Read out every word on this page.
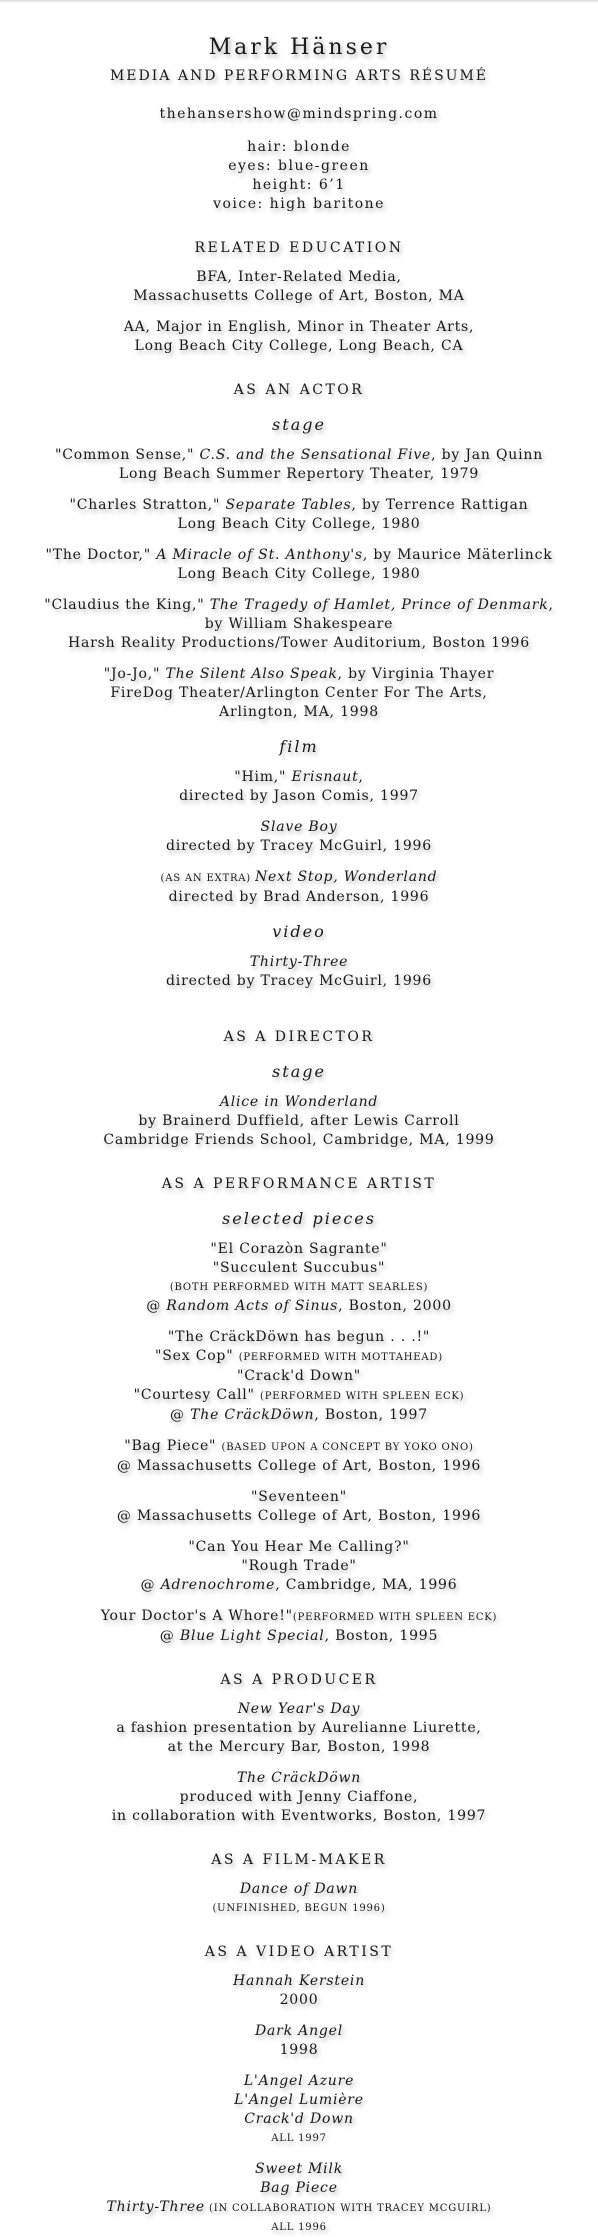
Mark Hänser
MEDIA AND PERFORMING ARTS RÉSUMÉ
thehansershow@mindspring.com
hair: blonde
eyes: blue-green
height: 6’1
voice: high baritone
RELATED EDUCATION
BFA, Inter-Related Media,
Massachusetts College of Art, Boston, MA
AA, Major in English, Minor in Theater Arts,
Long Beach City College, Long Beach, CA
AS AN ACTOR
stage
"Common Sense," C.S. and the Sensational Five, by Jan Quinn
Long Beach Summer Repertory Theater, 1979
"Charles Stratton," Separate Tables, by Terrence Rattigan
Long Beach City College, 1980
"The Doctor," A Miracle of St. Anthony's, by Maurice Mäterlinck
Long Beach City College, 1980
"Claudius the King," The Tragedy of Hamlet, Prince of Denmark,
by William Shakespeare
Harsh Reality Productions/Tower Auditorium, Boston 1996
"Jo-Jo," The Silent Also Speak, by Virginia Thayer
FireDog Theater/Arlington Center For The Arts,
Arlington, MA, 1998
film
"Him," Erisnaut,
directed by Jason Comis, 1997
Slave Boy
directed by Tracey McGuirl, 1996
(AS AN EXTRA) Next Stop, Wonderland
directed by Brad Anderson, 1996
video
Thirty-Three
directed by Tracey McGuirl, 1996
AS A DIRECTOR
stage
Alice in Wonderland
by Brainerd Duffield, after Lewis Carroll
Cambridge Friends School, Cambridge, MA, 1999
AS A PERFORMANCE ARTIST
selected pieces
"El Corazòn Sagrante"
"Succulent Succubus"
(BOTH PERFORMED WITH MATT SEARLES)
@ Random Acts of Sinus, Boston, 2000
"The CräckDöwn has begun . . .!"
"Sex Cop" (PERFORMED WITH MOTTAHEAD)
"Crack'd Down"
"Courtesy Call" (PERFORMED WITH SPLEEN ECK)
@ The CräckDöwn, Boston, 1997
"Bag Piece" (BASED UPON A CONCEPT BY YOKO ONO)
@ Massachusetts College of Art, Boston, 1996
"Seventeen"
@ Massachusetts College of Art, Boston, 1996
"Can You Hear Me Calling?"
"Rough Trade"
@ Adrenochrome, Cambridge, MA, 1996
Your Doctor's A Whore!"(PERFORMED WITH SPLEEN ECK)
@ Blue Light Special, Boston, 1995
AS A PRODUCER
New Year's Day
a fashion presentation by Aurelianne Liurette,
at the Mercury Bar, Boston, 1998
The CräckDöwn
produced with Jenny Ciaffone,
in collaboration with Eventworks, Boston, 1997
AS A FILM-MAKER
Dance of Dawn
(UNFINISHED, BEGUN 1996)
AS A VIDEO ARTIST
Hannah Kerstein
2000
Dark Angel
1998
L'Angel Azure
L'Angel Lumière
Crack'd Down
ALL 1997
Sweet Milk
Bag Piece
Thirty-Three (IN COLLABORATION WITH TRACEY MCGUIRL)
ALL 1996
